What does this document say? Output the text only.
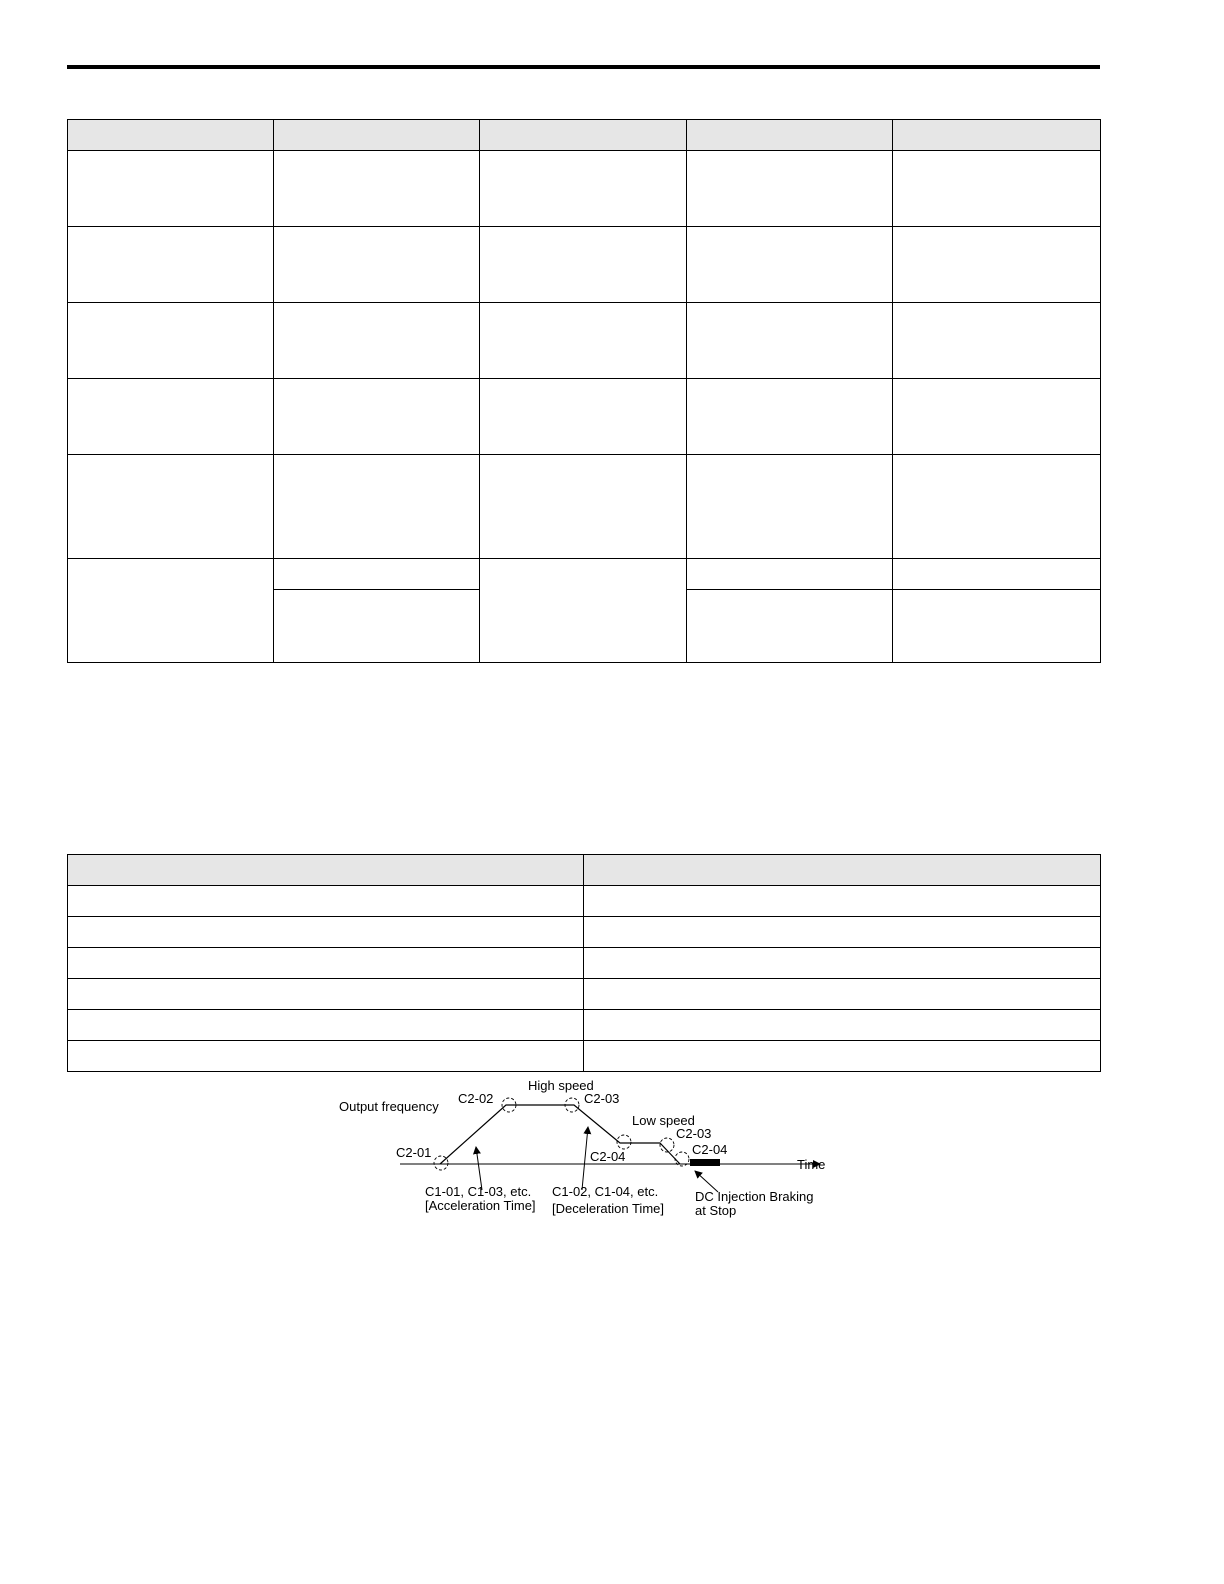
Output frequency
High speed
Low speed
Time
C2-01
C2-02	C2-03
C2-04
C2-03
C2-04
C1-01, C1-03, etc.
[Acceleration Time]
C1-02, C1-04, etc.
[Deceleration Time]
DC Injection Braking
at Stop
